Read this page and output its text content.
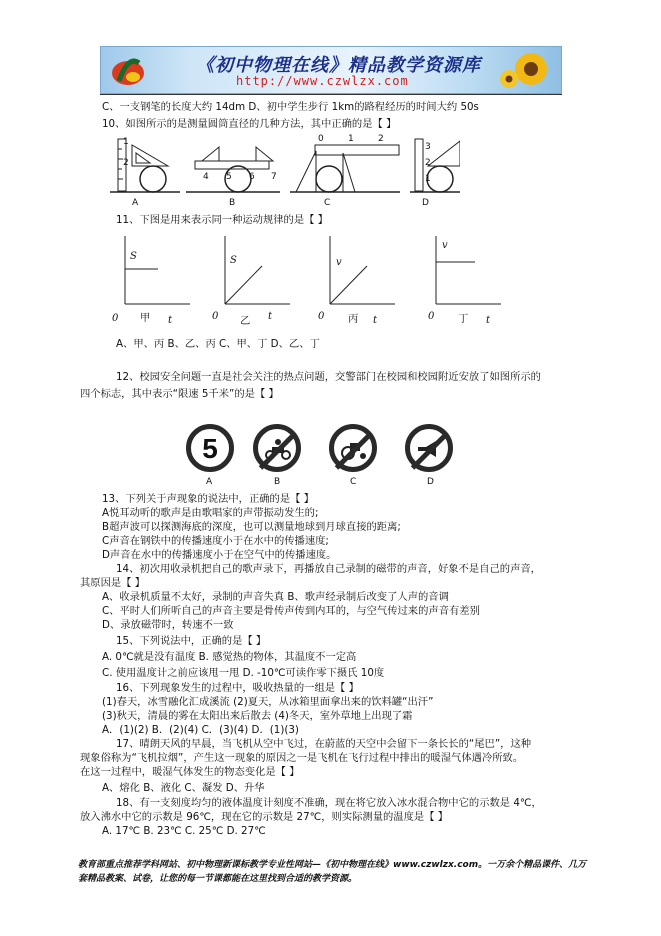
《初中物理在线》精品教学资源库
http://www.czwlzx.com
C、一支钢笔的长度大约 14dm D、初中学生步行 1km的路程经历的时间大约 50s
10、如图所示的是测量圆筒直径的几种方法，其中正确的是【 】
1
2
4 5 6 7
0	1	2
3
2
1
A	B	C	D
11、下图是用来表示同一种运动规律的是【 】
S	S	v
v
0 甲 t	0 乙 t	0 丙 t	0 丁 t
A、甲、丙 B、乙、丙 C、甲、丁 D、乙、丁
12、校园安全问题一直是社会关注的热点问题，交警部门在校园和校园附近安放了如图所示的
四个标志，其中表示“限速 5千米”的是【 】
5
A	B	C	D
13、下列关于声现象的说法中，正确的是【 】
A悦耳动听的歌声是由歌唱家的声带振动发生的;
B超声波可以探测海底的深度，也可以测量地球到月球直接的距离;
C声音在钢铁中的传播速度小于在水中的传播速度;
D声音在水中的传播速度小于在空气中的传播速度。
14、初次用收录机把自己的歌声录下，再播放自己录制的磁带的声音，好象不是自己的声音，
其原因是【 】
A、收录机质量不太好，录制的声音失真 B、歌声经录制后改变了人声的音调
C、平时人们所听自己的声音主要是骨传声传到内耳的，与空气传过来的声音有差别
D、录放磁带时，转速不一致
15、下列说法中，正确的是【 】
A. 0℃就是没有温度 B. 感觉热的物体，其温度不一定高
C. 使用温度计之前应该甩一甩 D. -10℃可读作零下摄氏 10度
16、下列现象发生的过程中，吸收热量的一组是【 】
(1)春天，冰雪融化汇成溪流 (2)夏天，从冰箱里面拿出来的饮料罐“出汗”
(3)秋天，清晨的雾在太阳出来后散去 (4)冬天，室外草地上出现了霜
A．(1)(2) B．(2)(4) C．(3)(4) D．(1)(3)
17、晴朗天风的早晨，当飞机从空中飞过，在蔚蓝的天空中会留下一条长长的“尾巴”，这种
现象俗称为“飞机拉烟”，产生这一现象的原因之一是飞机在飞行过程中排出的暖湿气体遇冷所致。
在这一过程中，暖湿气体发生的物态变化是【 】
A、熔化 B、液化 C、凝发 D、升华
18、有一支刻度均匀的液体温度计刻度不准确，现在将它放入冰水混合物中它的示数是 4℃，
放入沸水中它的示数是 96℃，现在它的示数是 27℃，则实际测量的温度是【 】
A. 17℃ B. 23℃ C. 25℃ D. 27℃
教育部重点推荐学科网站、初中物理新课标教学专业性网站—《初中物理在线》www.czwlzx.com。一万余个精品课件、几万套精品教案、试卷，让您的每一节课都能在这里找到合适的教学资源。
